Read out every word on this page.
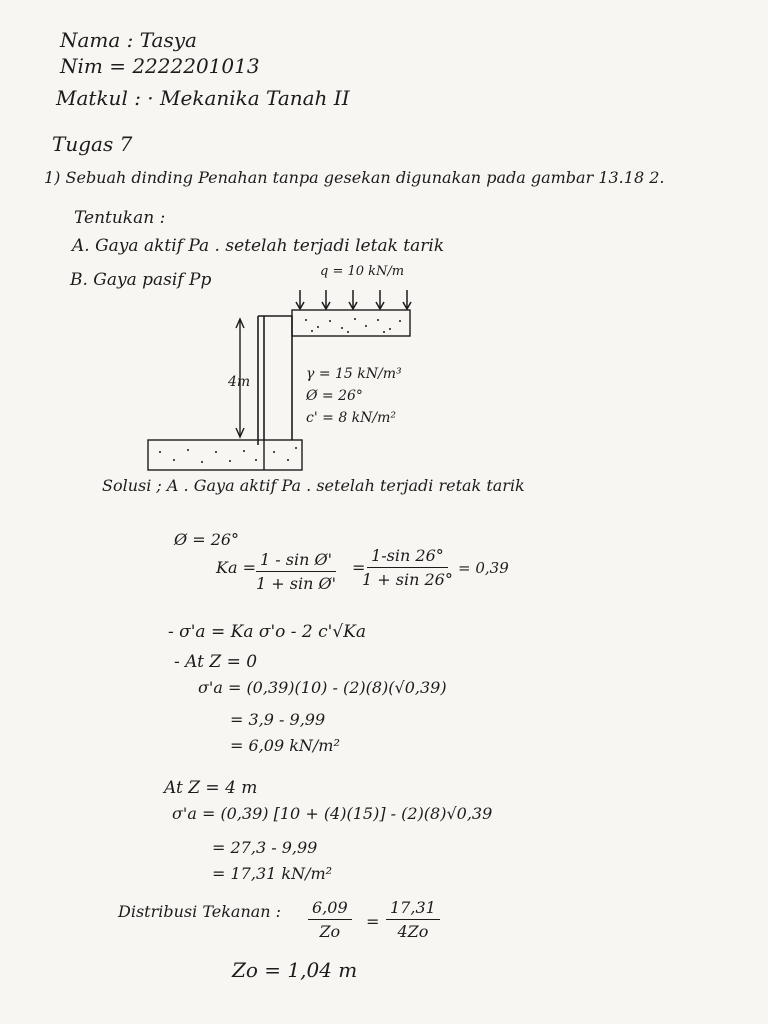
Nama : Tasya
Nim = 2222201013
Matkul : · Mekanika Tanah II
Tugas 7
1) Sebuah dinding Penahan tanpa gesekan digunakan pada gambar 13.18 2.
Tentukan :
A. Gaya aktif Pa . setelah terjadi letak tarik
B. Gaya pasif Pp	q = 10 kN/m
4m	γ = 15 kN/m³
Ø = 26°
c' = 8 kN/m²
Solusi ; A . Gaya aktif Pa . setelah terjadi retak tarik
Ø = 26°
$Ka = \frac{\text{1 - sin Ø'}}{\text{1 + sin Ø'}}$ =
$\frac{1-\sin 26^\circ}{1 + \sin 26^\circ} = 0,39$
- σ'a = Ka σ'o - 2 c'√Ka
- At Z = 0
σ'a = (0,39)(10) - (2)(8)(√0,39)
= 3,9 - 9,99
= 6,09 kN/m²
At Z = 4 m
σ'a = (0,39) [10 + (4)(15)] - (2)(8)√0,39
= 27,3 - 9,99
= 17,31 kN/m²
Distribusi Tekanan : $\frac{6,09}{Zo} = \frac{17,31}{4Zo}$
Zo = 1,04 m
